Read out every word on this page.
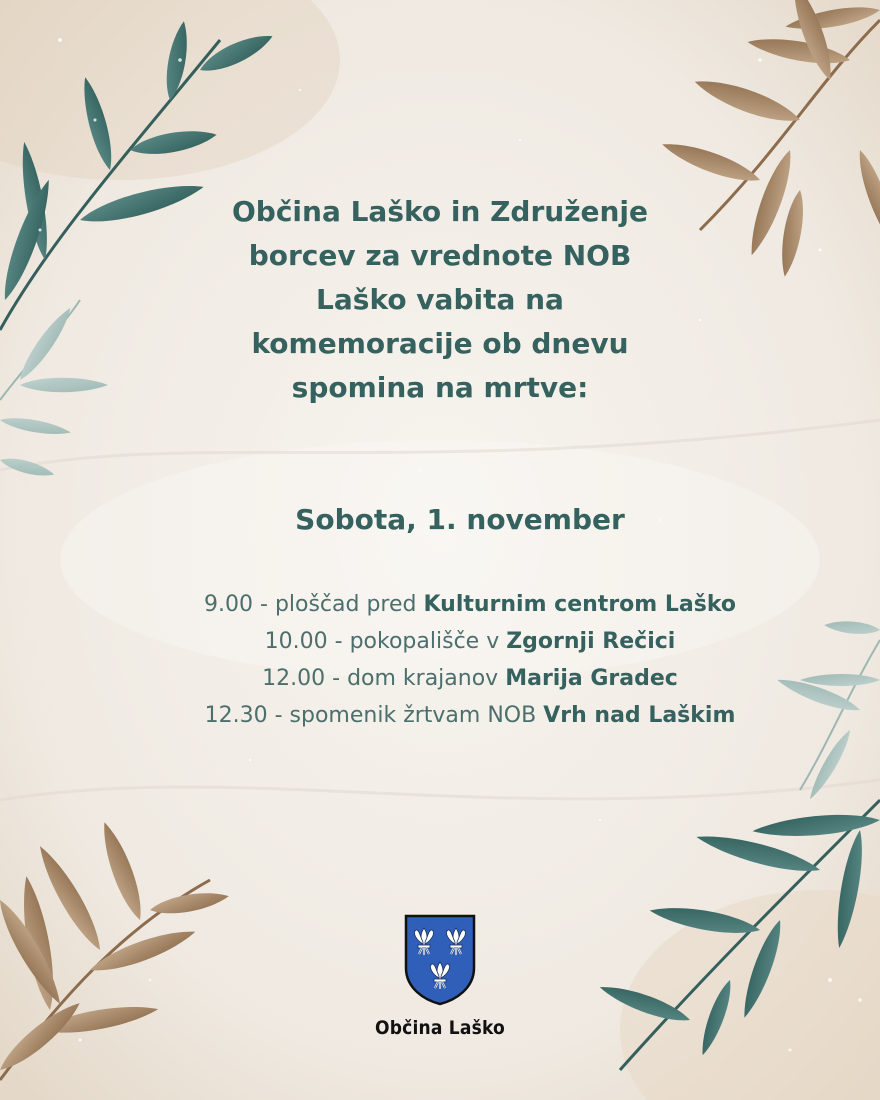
Občina Laško in Združenje
borcev za vrednote NOB
Laško vabita na
komemoracije ob dnevu
spomina na mrtve:
Sobota, 1. november
9.00 - ploščad pred Kulturnim centrom Laško
10.00 - pokopališče v Zgornji Rečici
12.00 - dom krajanov Marija Gradec
12.30 - spomenik žrtvam NOB Vrh nad Laškim
Občina Laško
